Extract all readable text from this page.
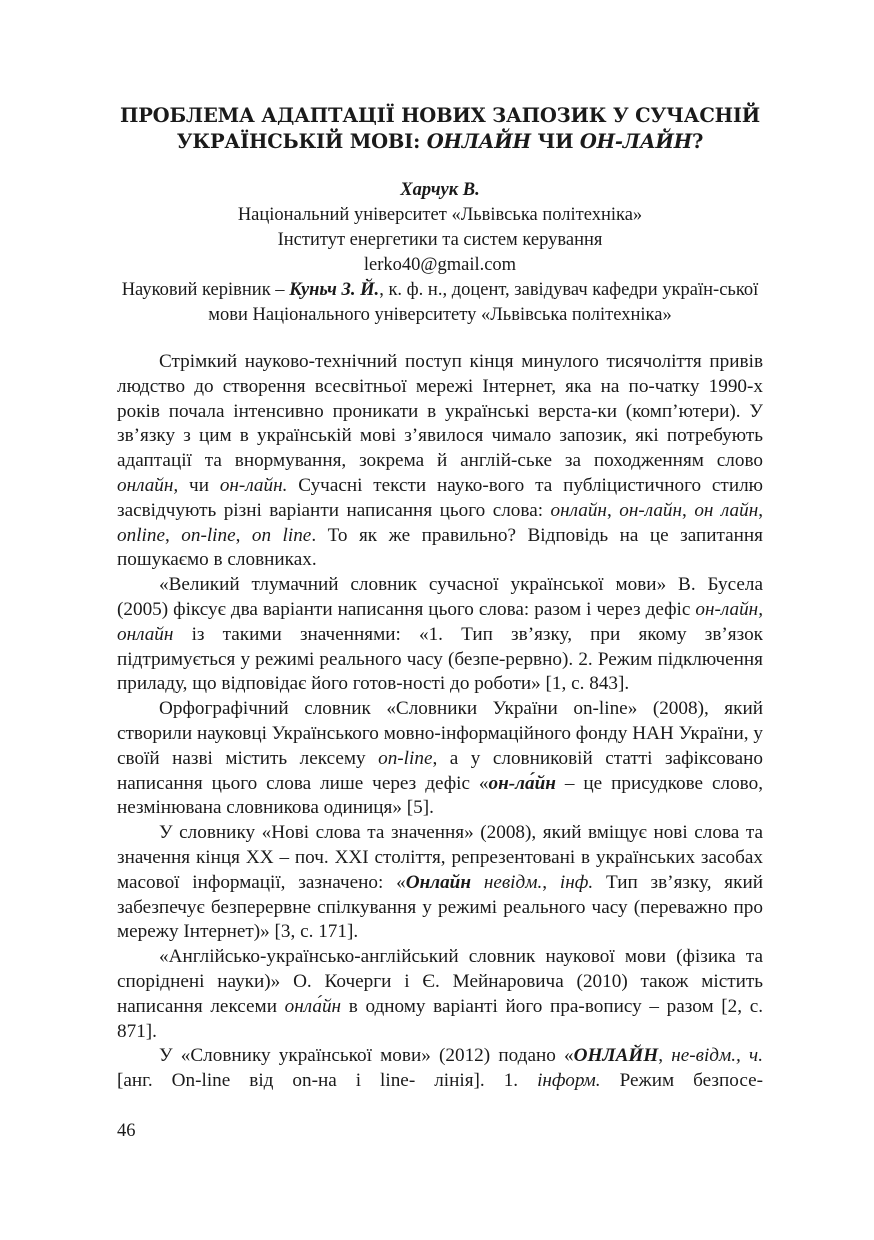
ПРОБЛЕМА АДАПТАЦІЇ НОВИХ ЗАПОЗИК У СУЧАСНІЙ
УКРАЇНСЬКІЙ МОВІ: ОНЛАЙН ЧИ ОН-ЛАЙН?
Харчук В.
Національний університет «Львівська політехніка»
Інститут енергетики та систем керування
lerko40@gmail.com
Науковий керівник – Куньч З. Й., к. ф. н., доцент, завідувач кафедри україн-ської мови Національного університету «Львівська політехніка»

Стрімкий науково-технічний поступ кінця минулого тисячоліття привів людство до створення всесвітньої мережі Інтернет, яка на по-чатку 1990-х років почала інтенсивно проникати в українські верста-ки (комп’ютери). У зв’язку з цим в українській мові з’явилося чимало запозик, які потребують адаптації та внормування, зокрема й англій-ське за походженням слово онлайн, чи он-лайн. Сучасні тексти науко-вого та публіцистичного стилю засвідчують різні варіанти написання цього слова: онлайн, он-лайн, он лайн, online, on-line, on line. То як же правильно? Відповідь на це запитання пошукаємо в словниках.

«Великий тлумачний словник сучасної української мови» В. Бусела (2005) фіксує два варіанти написання цього слова: разом і через дефіс он-лайн, онлайн із такими значеннями: «1. Тип зв’язку, при якому зв’язок підтримується у режимі реального часу (безпе-рервно). 2. Режим підключення приладу, що відповідає його готов-ності до роботи» [1, с. 843].

Орфографічний словник «Словники України on-line» (2008), який створили науковці Українського мовно-інформаційного фонду НАН України, у своїй назві містить лексему on-line, а у словниковій статті зафіксовано написання цього слова лише через дефіс «он-ла́йн – це присудкове слово, незмінювана словникова одиниця» [5].

У словнику «Нові слова та значення» (2008), який вміщує нові слова та значення кінця XX – поч. XXI століття, репрезентовані в українських засобах масової інформації, зазначено: «Онлайн невідм., інф. Тип зв’язку, який забезпечує безперервне спілкування у режимі реального часу (переважно про мережу Інтернет)» [3, с. 171].

«Англійсько-українсько-англійський словник наукової мови (фізика та споріднені науки)» О. Кочерги і Є. Мейнаровича (2010) також містить написання лексеми онла́йн в одному варіанті його пра-вопису – разом [2, с. 871].

У «Словнику української мови» (2012) подано «ОНЛАЙН, не-відм., ч. [анг. On-line від on-на і line- лінія]. 1. інформ. Режим безпосе-

46
